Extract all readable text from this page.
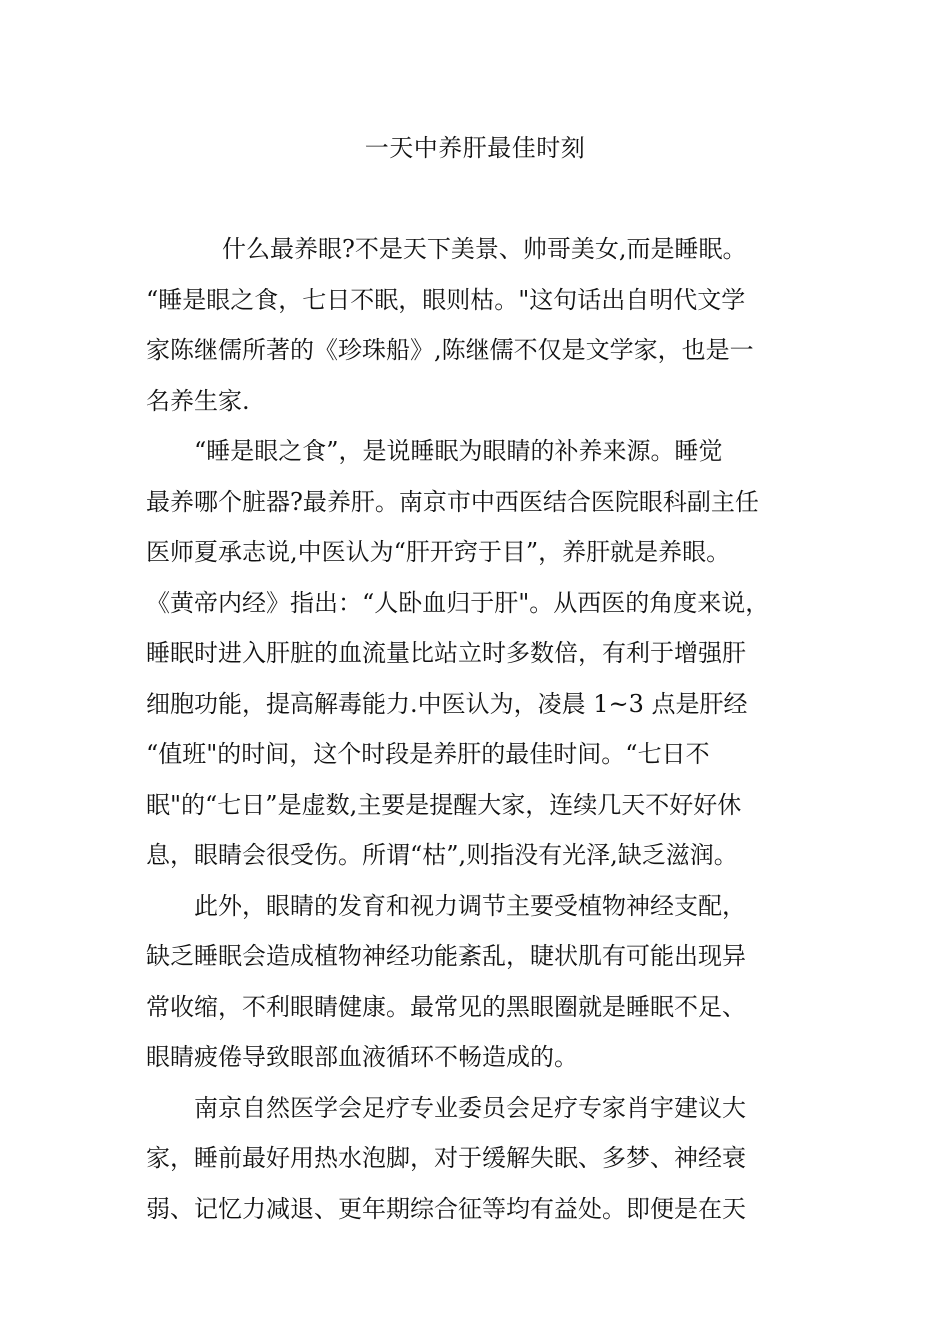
一天中养肝最佳时刻
什么最养眼?不是天下美景、帅哥美女,而是睡眠。
“睡是眼之食，七日不眠，眼则枯。"这句话出自明代文学
家陈继儒所著的《珍珠船》,陈继儒不仅是文学家，也是一
名养生家.
“睡是眼之食”，是说睡眠为眼睛的补养来源。睡觉
最养哪个脏器?最养肝。南京市中西医结合医院眼科副主任
医师夏承志说,中医认为“肝开窍于目”，养肝就是养眼。
《黄帝内经》指出：“人卧血归于肝"。从西医的角度来说，
睡眠时进入肝脏的血流量比站立时多数倍，有利于增强肝
细胞功能，提高解毒能力.中医认为，凌晨 1~3 点是肝经
“值班"的时间，这个时段是养肝的最佳时间。“七日不
眠"的“七日”是虚数,主要是提醒大家，连续几天不好好休
息，眼睛会很受伤。所谓“枯”,则指没有光泽,缺乏滋润。
此外，眼睛的发育和视力调节主要受植物神经支配，
缺乏睡眠会造成植物神经功能紊乱，睫状肌有可能出现异
常收缩，不利眼睛健康。最常见的黑眼圈就是睡眠不足、
眼睛疲倦导致眼部血液循环不畅造成的。
南京自然医学会足疗专业委员会足疗专家肖宇建议大
家，睡前最好用热水泡脚，对于缓解失眠、多梦、神经衰
弱、记忆力减退、更年期综合征等均有益处。即便是在天
